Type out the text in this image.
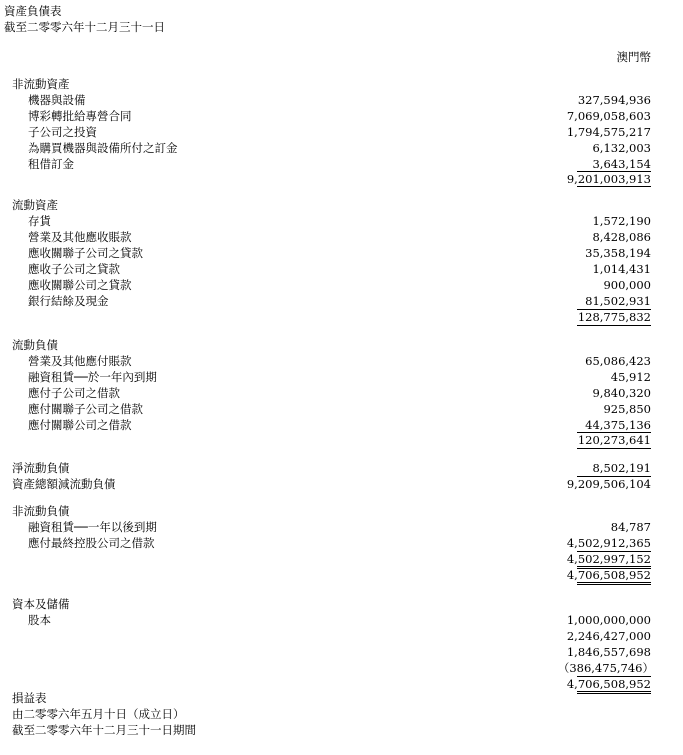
資產負債表
截至二零零六年十二月三十一日
澳門幣
非流動資產
機器與設備	327,594,936
博彩轉批給專營合同	7,069,058,603
子公司之投資	1,794,575,217
為購買機器與設備所付之訂金	6,132,003
租借訂金	3,643,154
9,201,003,913
流動資產
存貨	1,572,190
營業及其他應收賬款	8,428,086
應收關聯子公司之貸款	35,358,194
應收子公司之貸款	1,014,431
應收關聯公司之貸款	900,000
銀行結餘及現金	81,502,931
128,775,832
流動負債
營業及其他應付賬款	65,086,423
融資租賃──於一年內到期	45,912
應付子公司之借款	9,840,320
應付關聯子公司之借款	925,850
應付關聯公司之借款	44,375,136
120,273,641
淨流動負債	8,502,191
資產總額減流動負債	9,209,506,104
非流動負債
融資租賃──一年以後到期	84,787
應付最終控股公司之借款	4,502,912,365
4,502,997,152
4,706,508,952
資本及儲備
股本	1,000,000,000
2,246,427,000
1,846,557,698
（386,475,746）
4,706,508,952
損益表
由二零零六年五月十日（成立日）
截至二零零六年十二月三十一日期間
